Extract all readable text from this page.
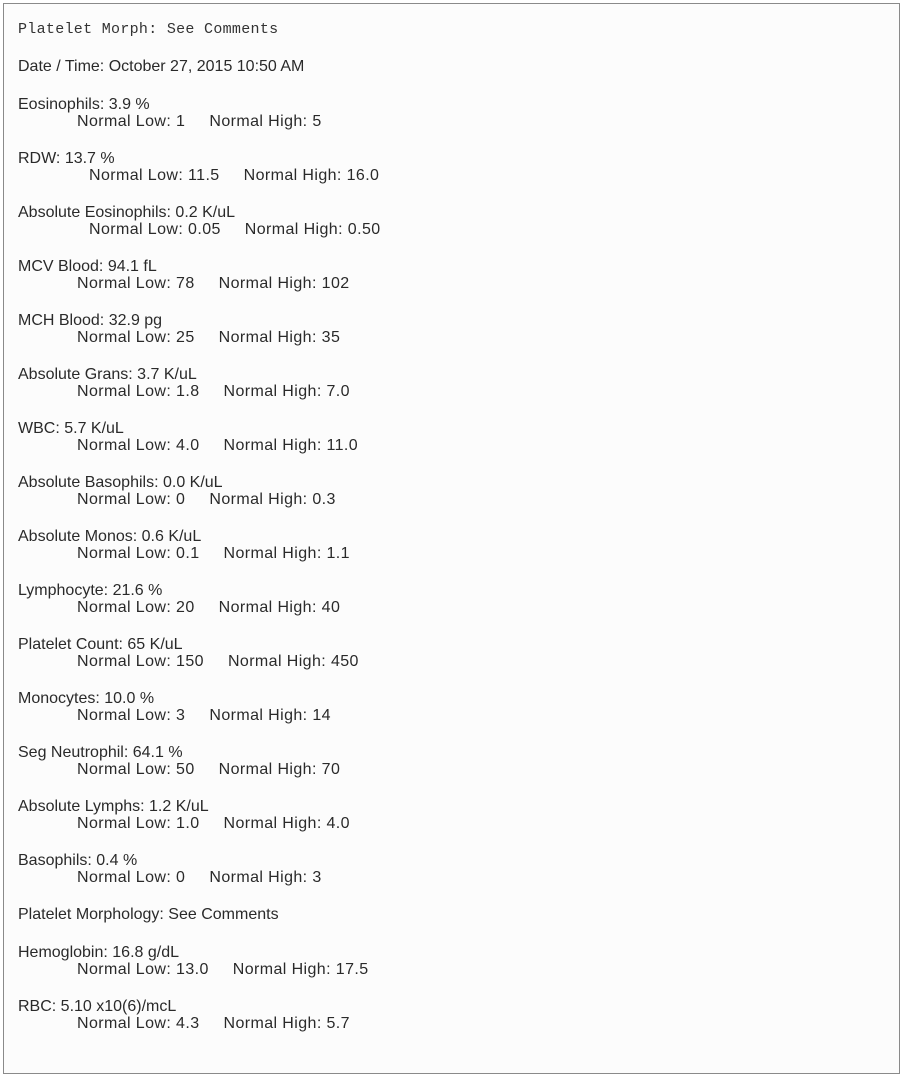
Platelet Morph: See Comments
Date / Time: October 27, 2015 10:50 AM
Eosinophils: 3.9 %
Normal Low: 1 Normal High: 5
RDW: 13.7 %
Normal Low: 11.5 Normal High: 16.0
Absolute Eosinophils: 0.2 K/uL
Normal Low: 0.05 Normal High: 0.50
MCV Blood: 94.1 fL
Normal Low: 78 Normal High: 102
MCH Blood: 32.9 pg
Normal Low: 25 Normal High: 35
Absolute Grans: 3.7 K/uL
Normal Low: 1.8 Normal High: 7.0
WBC: 5.7 K/uL
Normal Low: 4.0 Normal High: 11.0
Absolute Basophils: 0.0 K/uL
Normal Low: 0 Normal High: 0.3
Absolute Monos: 0.6 K/uL
Normal Low: 0.1 Normal High: 1.1
Lymphocyte: 21.6 %
Normal Low: 20 Normal High: 40
Platelet Count: 65 K/uL
Normal Low: 150 Normal High: 450
Monocytes: 10.0 %
Normal Low: 3 Normal High: 14
Seg Neutrophil: 64.1 %
Normal Low: 50 Normal High: 70
Absolute Lymphs: 1.2 K/uL
Normal Low: 1.0 Normal High: 4.0
Basophils: 0.4 %
Normal Low: 0 Normal High: 3
Platelet Morphology: See Comments
Hemoglobin: 16.8 g/dL
Normal Low: 13.0 Normal High: 17.5
RBC: 5.10 x10(6)/mcL
Normal Low: 4.3 Normal High: 5.7
